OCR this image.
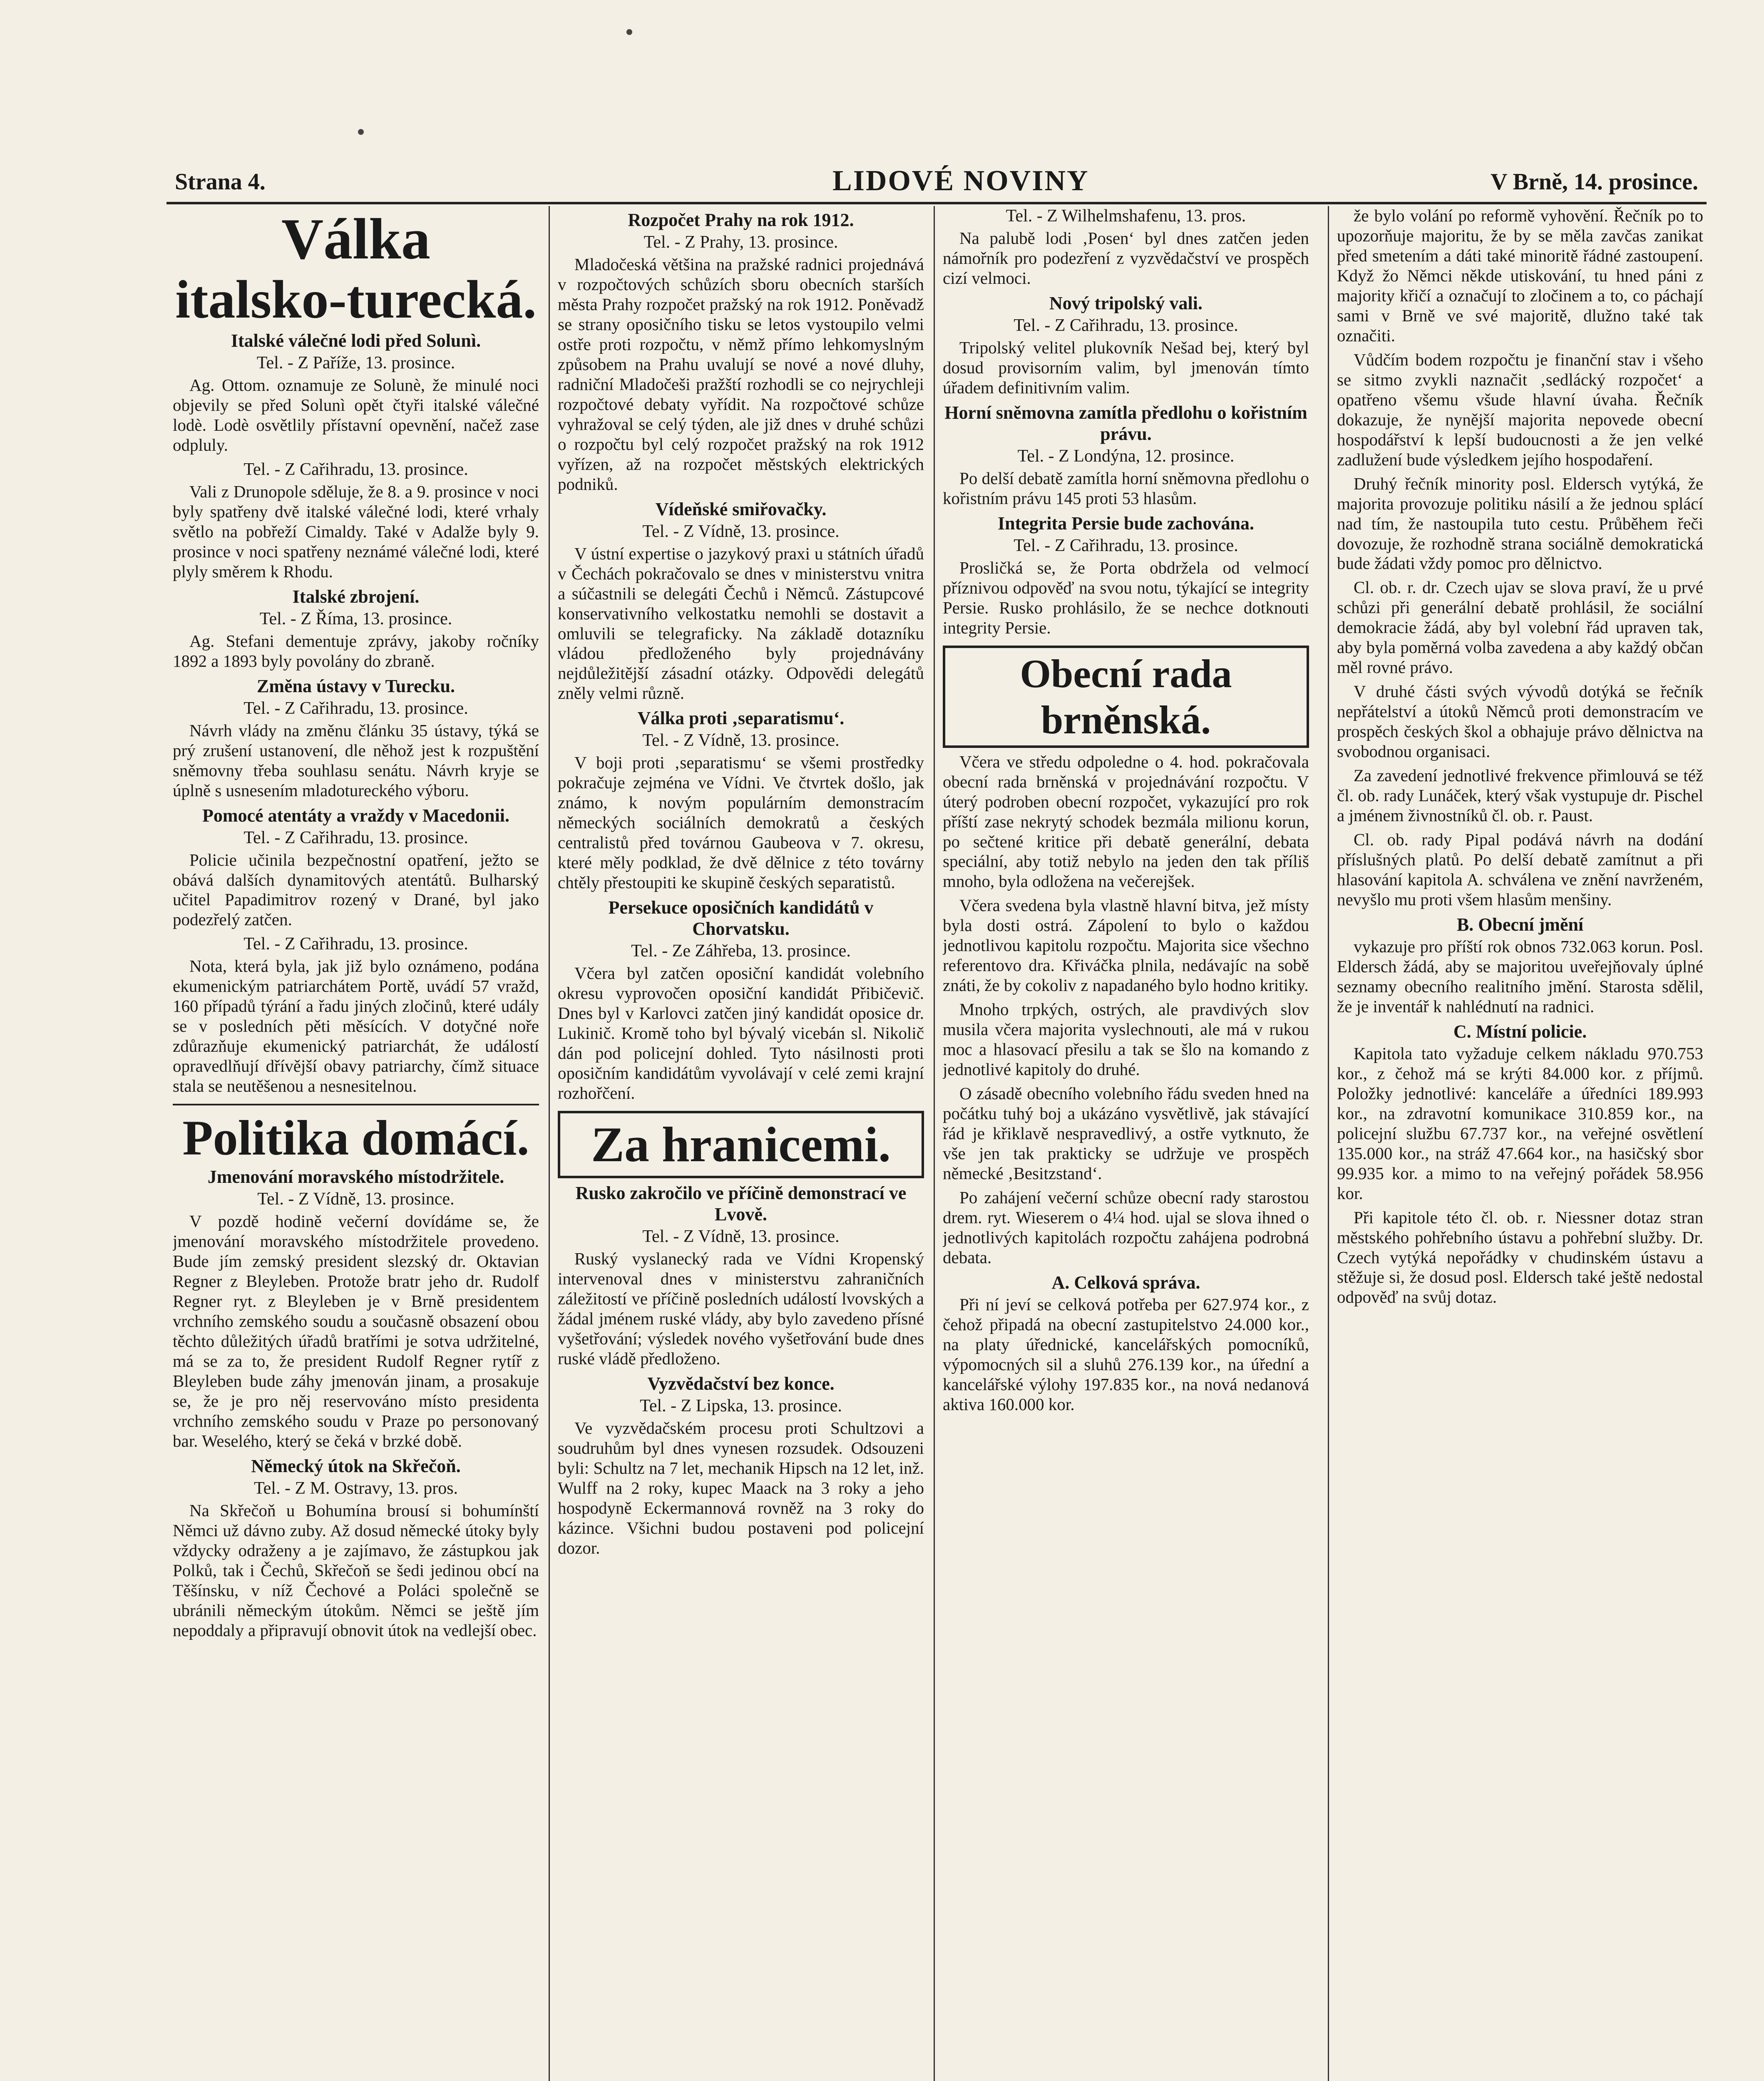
Strana 4.	LIDOVÉ NOVINY	V Brně, 14. prosince.
Válka
italsko-turecká.
Italské válečné lodi před Solunì.
Tel. - Z Paříže, 13. prosince.

Ag. Ottom. oznamuje ze Solunè, že minulé noci objevily se před Solunì opět čtyři italské válečné lodè. Lodè osvětlily přístavní opevnění, načež zase odpluly.

Tel. - Z Cařihradu, 13. prosince.

Vali z Drunopole sděluje, že 8. a 9. prosince v noci byly spatřeny dvě italské válečné lodi, které vrhaly světlo na pobřeží Cimaldy. Také v Adalže byly 9. prosince v noci spatřeny neznámé válečné lodi, které plyly směrem k Rhodu.

Italské zbrojení.
Tel. - Z Říma, 13. prosince.

Ag. Stefani dementuje zprávy, jakoby ročníky 1892 a 1893 byly povolány do zbraně.

Změna ústavy v Turecku.
Tel. - Z Cařihradu, 13. prosince.

Návrh vlády na změnu článku 35 ústavy, týká se prý zrušení ustanovení, dle něhož jest k rozpuštění sněmovny třeba souhlasu senátu. Návrh kryje se úplně s usnesením mladotureckého výboru.

Pomocé atentáty a vraždy v Macedonii.
Tel. - Z Cařihradu, 13. prosince.

Policie učinila bezpečnostní opatření, ježto se obává dalších dynamitových atentátů. Bulharský učitel Papadimitrov rozený v Drané, byl jako podezřelý zatčen.

Tel. - Z Cařihradu, 13. prosince.

Nota, která byla, jak již bylo oznámeno, podána ekumenickým patriarchátem Portě, uvádí 57 vražd, 160 případů týrání a řadu jiných zločinů, které udály se v posledních pěti měsících. V dotyčné noře zdůrazňuje ekumenický patriarchát, že událostí opravedlňují dřívější obavy patriarchy, čímž situace stala se neutěšenou a nesnesitelnou.

Politika domácí.
Jmenování moravského místodržitele.
Tel. - Z Vídně, 13. prosince.

V pozdě hodině večerní dovídáme se, že jmenování moravského místodržitele provedeno. Bude jím zemský president slezský dr. Oktavian Regner z Bleyleben. Protože bratr jeho dr. Rudolf Regner ryt. z Bleyleben je v Brně presidentem vrchního zemského soudu a současně obsazení obou těchto důležitých úřadů bratřími je sotva udržitelné, má se za to, že president Rudolf Regner rytíř z Bleyleben bude záhy jmenován jinam, a prosakuje se, že je pro něj reservováno místo presidenta vrchního zemského soudu v Praze po personovaný bar. Weselého, který se čeká v brzké době.

Německý útok na Skřečoň.
Tel. - Z M. Ostravy, 13. pros.

Na Skřečoň u Bohumína brousí si bohumínští Němci už dávno zuby. Až dosud německé útoky byly vždycky odraženy a je zajímavo, že zástupkou jak Polků, tak i Čechů, Skřečoň se šedi jedinou obcí na Těšínsku, v níž Čechové a Poláci společně se ubránili německým útokům. Němci se ještě jím nepoddaly a připravují obnovit útok na vedlejší obec.

Rozpočet Prahy na rok 1912.
Tel. - Z Prahy, 13. prosince.

Mladočeská většina na pražské radnici projednává v rozpočtových schůzích sboru obecních starších města Prahy rozpočet pražský na rok 1912. Poněvadž se strany oposičního tisku se letos vystoupilo velmi ostře proti rozpočtu, v němž přímo lehkomyslným způsobem na Prahu uvalují se nové a nové dluhy, radniční Mladočeši pražští rozhodli se co nejrychleji rozpočtové debaty vyřídit. Na rozpočtové schůze vyhražoval se celý týden, ale již dnes v druhé schůzi o rozpočtu byl celý rozpočet pražský na rok 1912 vyřízen, až na rozpočet městských elektrických podniků.

Vídeňské smiřovačky.
Tel. - Z Vídně, 13. prosince.

V ústní expertise o jazykový praxi u státních úřadů v Čechách pokračovalo se dnes v ministerstvu vnitra a súčastnili se delegáti Čechů i Němců. Zástupcové konservativního velkostatku nemohli se dostavit a omluvili se telegraficky. Na základě dotazníku vládou předloženého byly projednávány nejdůležitější zásadní otázky. Odpovědi delegátů zněly velmi různě.

Válka proti ‚separatismu‘.
Tel. - Z Vídně, 13. prosince.

V boji proti ‚separatismu‘ se všemi prostředky pokračuje zejména ve Vídni. Ve čtvrtek došlo, jak známo, k novým populárním demonstracím německých sociálních demokratů a českých centralistů před továrnou Gaubeova v 7. okresu, které měly podklad, že dvě dělnice z této továrny chtěly přestoupiti ke skupině českých separatistů.

Persekuce oposičních kandidátů v Chorvatsku.
Tel. - Ze Záhřeba, 13. prosince.

Včera byl zatčen oposiční kandidát volebního okresu vyprovočen oposiční kandidát Přibičevič. Dnes byl v Karlovci zatčen jiný kandidát oposice dr. Lukinič. Kromě toho byl bývalý vicebán sl. Nikolič dán pod policejní dohled. Tyto násilnosti proti oposičním kandidátům vyvolávají v celé zemi krajní rozhořčení.

Za hranicemi.
Rusko zakročilo ve příčině demonstrací ve Lvově.
Tel. - Z Vídně, 13. prosince.

Ruský vyslanecký rada ve Vídni Kropenský intervenoval dnes v ministerstvu zahraničních záležitostí ve příčině posledních událostí lvovských a žádal jménem ruské vlády, aby bylo zavedeno přísné vyšetřování; výsledek nového vyšetřování bude dnes ruské vládě předloženo.

Vyzvědačství bez konce.
Tel. - Z Lipska, 13. prosince.

Ve vyzvědačském procesu proti Schultzovi a soudruhům byl dnes vynesen rozsudek. Odsouzeni byli: Schultz na 7 let, mechanik Hipsch na 12 let, inž. Wulff na 2 roky, kupec Maack na 3 roky a jeho hospodyně Eckermannová rovněž na 3 roky do kázince. Všichni budou postaveni pod policejní dozor.

Tel. - Z Wilhelmshafenu, 13. pros.

Na palubě lodi ‚Posen‘ byl dnes zatčen jeden námořník pro podezření z vyzvědačství ve prospěch cizí velmoci.

Nový tripolský vali.
Tel. - Z Cařihradu, 13. prosince.

Tripolský velitel plukovník Nešad bej, který byl dosud provisorním valim, byl jmenován tímto úřadem definitivním valim.

Horní sněmovna zamítla předlohu o kořistním právu.
Tel. - Z Londýna, 12. prosince.

Po delší debatě zamítla horní sněmovna předlohu o kořistním právu 145 proti 53 hlasům.

Integrita Persie bude zachována.
Tel. - Z Cařihradu, 13. prosince.

Prosličká se, že Porta obdržela od velmocí příznivou odpověď na svou notu, týkající se integrity Persie. Rusko prohlásilo, že se nechce dotknouti integrity Persie.

Obecní rada brněnská.

Včera ve středu odpoledne o 4. hod. pokračovala obecní rada brněnská v projednávání rozpočtu. V úterý podroben obecní rozpočet, vykazující pro rok příští zase nekrytý schodek bezmála milionu korun, po sečtené kritice při debatě generální, debata speciální, aby totiž nebylo na jeden den tak příliš mnoho, byla odložena na večerejšek.

Včera svedena byla vlastně hlavní bitva, jež místy byla dosti ostrá. Zápolení to bylo o každou jednotlivou kapitolu rozpočtu. Majorita sice všechno referentovo dra. Křiváčka plnila, nedávajíc na sobě znáti, že by cokoliv z napadaného bylo hodno kritiky.

Mnoho trpkých, ostrých, ale pravdivých slov musila včera majorita vyslechnouti, ale má v rukou moc a hlasovací přesilu a tak se šlo na komando z jednotlivé kapitoly do druhé.

O zásadě obecního volebního řádu sveden hned na počátku tuhý boj a ukázáno vysvětlivě, jak stávající řád je křiklavě nespravedlivý, a ostře vytknuto, že vše jen tak prakticky se udržuje ve prospěch německé ‚Besitzstand‘.

Po zahájení večerní schůze obecní rady starostou drem. ryt. Wieserem o 4¼ hod. ujal se slova ihned o jednotlivých kapitolách rozpočtu zahájena podrobná debata.

A. Celková správa.

Při ní jeví se celková potřeba per 627.974 kor., z čehož připadá na obecní zastupitelstvo 24.000 kor., na platy úřednické, kancelářských pomocníků, výpomocných sil a sluhů 276.139 kor., na úřední a kancelářské výlohy 197.835 kor., na nová nedanová aktiva 160.000 kor.

že bylo volání po reformě vyhovění. Řečník po to upozorňuje majoritu, že by se měla zavčas zanikat před smetením a dáti také minoritě řádné zastoupení. Když žo Němci někde utiskování, tu hned páni z majority křičí a označují to zločinem a to, co páchají sami v Brně ve své majoritě, dlužno také tak označiti.

Vůdčím bodem rozpočtu je finanční stav i všeho se sitmo zvykli naznačit ‚sedlácký rozpočet‘ a opatřeno všemu všude hlavní úvaha. Řečník dokazuje, že nynější majorita nepovede obecní hospodářství k lepší budoucnosti a že jen velké zadlužení bude výsledkem jejího hospodaření.

Druhý řečník minority posl. Eldersch vytýká, že majorita provozuje politiku násilí a že jednou splácí nad tím, že nastoupila tuto cestu. Průběhem řeči dovozuje, že rozhodně strana sociálně demokratická bude žádati vždy pomoc pro dělnictvo.

Cl. ob. r. dr. Czech ujav se slova praví, že u prvé schůzi při generální debatě prohlásil, že sociální demokracie žádá, aby byl volební řád upraven tak, aby byla poměrná volba zavedena a aby každý občan měl rovné právo.

V druhé části svých vývodů dotýká se řečník nepřátelství a útoků Němců proti demonstracím ve prospěch českých škol a obhajuje právo dělnictva na svobodnou organisaci.

Za zavedení jednotlivé frekvence přimlouvá se též čl. ob. rady Lunáček, který však vystupuje dr. Pischel a jménem živnostníků čl. ob. r. Paust.

Cl. ob. rady Pipal podává návrh na dodání příslušných platů. Po delší debatě zamítnut a při hlasování kapitola A. schválena ve znění navrženém, nevyšlo mu proti všem hlasům menšiny.

B. Obecní jmění

vykazuje pro příští rok obnos 732.063 korun. Posl. Eldersch žádá, aby se majoritou uveřejňovaly úplné seznamy obecního realitního jmění. Starosta sdělil, že je inventář k nahlédnutí na radnici.

C. Místní policie.

Kapitola tato vyžaduje celkem nákladu 970.753 kor., z čehož má se krýti 84.000 kor. z příjmů. Položky jednotlivé: kanceláře a úředníci 189.993 kor., na zdravotní komunikace 310.859 kor., na policejní službu 67.737 kor., na veřejné osvětlení 135.000 kor., na stráž 47.664 kor., na hasičský sbor 99.935 kor. a mimo to na veřejný pořádek 58.956 kor.

Při kapitole této čl. ob. r. Niessner dotaz stran městského pohřebního ústavu a pohřební služby. Dr. Czech vytýká nepořádky v chudinském ústavu a stěžuje si, že dosud posl. Eldersch také ještě nedostal odpověď na svůj dotaz.
